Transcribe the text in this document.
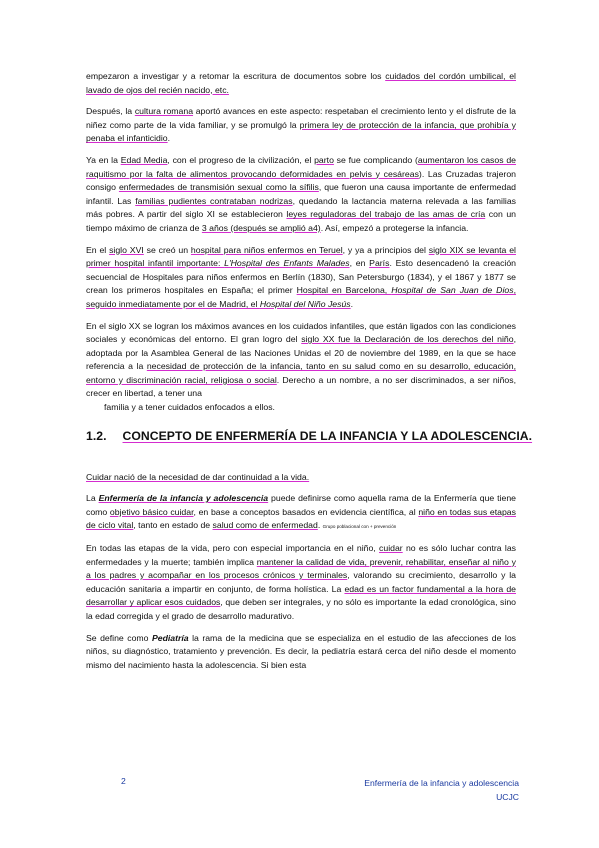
empezaron a investigar y a retomar la escritura de documentos sobre los cuidados del cordón umbilical, el lavado de ojos del recién nacido, etc.

Después, la cultura romana aportó avances en este aspecto: respetaban el crecimiento lento y el disfrute de la niñez como parte de la vida familiar, y se promulgó la primera ley de protección de la infancia, que prohibía y penaba el infanticidio.

Ya en la Edad Media, con el progreso de la civilización, el parto se fue complicando (aumentaron los casos de raquitismo por la falta de alimentos provocando deformidades en pelvis y cesáreas). Las Cruzadas trajeron consigo enfermedades de transmisión sexual como la sífilis, que fueron una causa importante de enfermedad infantil. Las familias pudientes contrataban nodrizas, quedando la lactancia materna relevada a las familias más pobres. A partir del siglo XI se establecieron leyes reguladoras del trabajo de las amas de cría con un tiempo máximo de crianza de 3 años (después se amplió a4). Así, empezó a protegerse la infancia.

En el siglo XVI se creó un hospital para niños enfermos en Teruel, y ya a principios del siglo XIX se levanta el primer hospital infantil importante: L'Hospital des Enfants Malades, en París. Esto desencadenó la creación secuencial de Hospitales para niños enfermos en Berlín (1830), San Petersburgo (1834), y el 1867 y 1877 se crean los primeros hospitales en España; el primer Hospital en Barcelona, Hospital de San Juan de Dios, seguido inmediatamente por el de Madrid, el Hospital del Niño Jesús.

En el siglo XX se logran los máximos avances en los cuidados infantiles, que están ligados con las condiciones sociales y económicas del entorno. El gran logro del siglo XX fue la Declaración de los derechos del niño, adoptada por la Asamblea General de las Naciones Unidas el 20 de noviembre del 1989, en la que se hace referencia a la necesidad de protección de la infancia, tanto en su salud como en su desarrollo, educación, entorno y discriminación racial, religiosa o social. Derecho a un nombre, a no ser discriminados, a ser niños, crecer en libertad, a tener una
familia y a tener cuidados enfocados a ellos.

1.2. CONCEPTO DE ENFERMERÍA DE LA INFANCIA Y LA ADOLESCENCIA.

Cuidar nació de la necesidad de dar continuidad a la vida.

La Enfermería de la infancia y adolescencia puede definirse como aquella rama de la Enfermería que tiene como objetivo básico cuidar, en base a conceptos basados en evidencia científica, al niño en todas sus etapas de ciclo vital, tanto en estado de salud como de enfermedad. Grupo poblacional con + prevención

En todas las etapas de la vida, pero con especial importancia en el niño, cuidar no es sólo luchar contra las enfermedades y la muerte; también implica mantener la calidad de vida, prevenir, rehabilitar, enseñar al niño y a los padres y acompañar en los procesos crónicos y terminales, valorando su crecimiento, desarrollo y la educación sanitaria a impartir en conjunto, de forma holística. La edad es un factor fundamental a la hora de desarrollar y aplicar esos cuidados, que deben ser integrales, y no sólo es importante la edad cronológica, sino la edad corregida y el grado de desarrollo madurativo.

Se define como Pediatría la rama de la medicina que se especializa en el estudio de las afecciones de los niños, su diagnóstico, tratamiento y prevención. Es decir, la pediatría estará cerca del niño desde el momento mismo del nacimiento hasta la adolescencia. Si bien esta

2	Enfermería de la infancia y adolescencia
UCJC
